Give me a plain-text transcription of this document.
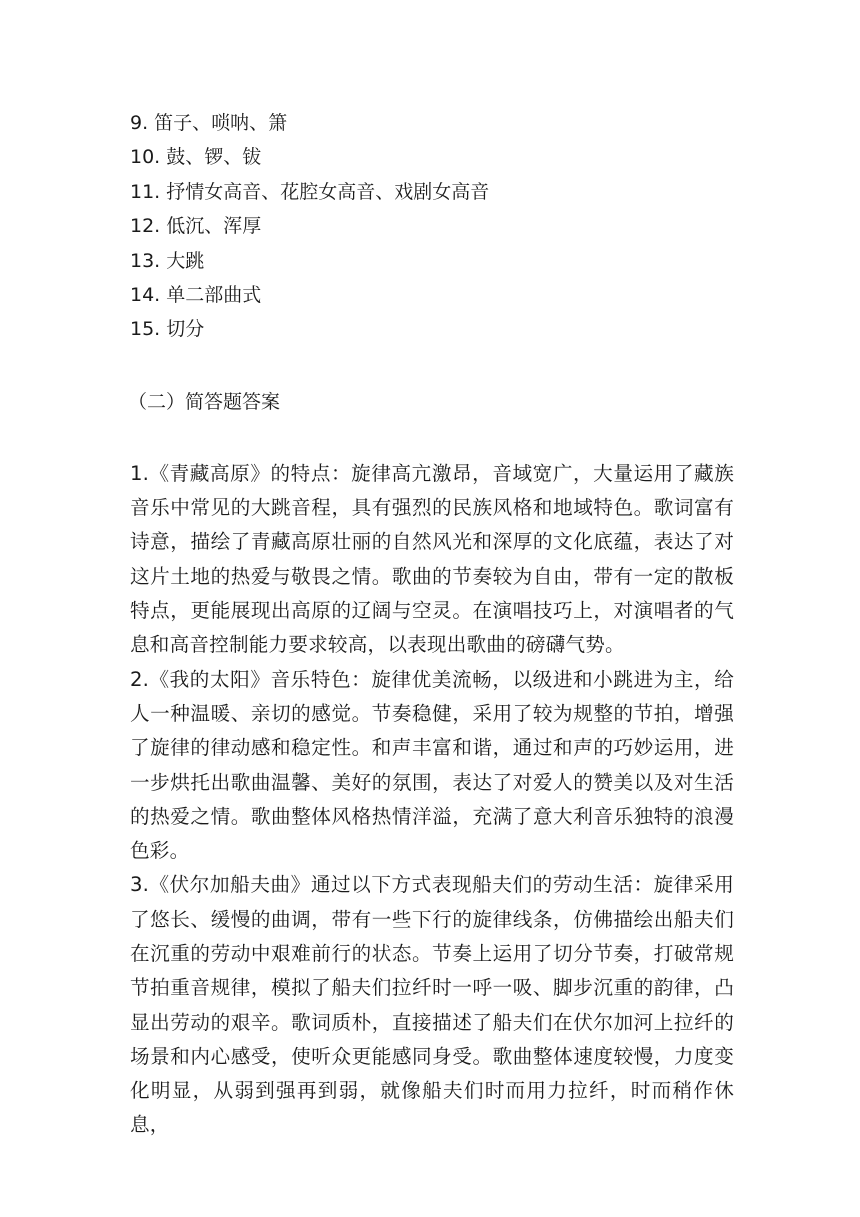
9. 笛子、唢呐、箫
10. 鼓、锣、钹
11. 抒情女高音、花腔女高音、戏剧女高音
12. 低沉、浑厚
13. 大跳
14. 单二部曲式
15. 切分
（二）简答题答案

1.《青藏高原》的特点：旋律高亢激昂，音域宽广，大量运用了藏族音乐中常见的大跳音程，具有强烈的民族风格和地域特色。歌词富有诗意，描绘了青藏高原壮丽的自然风光和深厚的文化底蕴，表达了对这片土地的热爱与敬畏之情。歌曲的节奏较为自由，带有一定的散板特点，更能展现出高原的辽阔与空灵。在演唱技巧上，对演唱者的气息和高音控制能力要求较高，以表现出歌曲的磅礴气势。

2.《我的太阳》音乐特色：旋律优美流畅，以级进和小跳进为主，给人一种温暖、亲切的感觉。节奏稳健，采用了较为规整的节拍，增强了旋律的律动感和稳定性。和声丰富和谐，通过和声的巧妙运用，进一步烘托出歌曲温馨、美好的氛围，表达了对爱人的赞美以及对生活的热爱之情。歌曲整体风格热情洋溢，充满了意大利音乐独特的浪漫色彩。

3.《伏尔加船夫曲》通过以下方式表现船夫们的劳动生活：旋律采用了悠长、缓慢的曲调，带有一些下行的旋律线条，仿佛描绘出船夫们在沉重的劳动中艰难前行的状态。节奏上运用了切分节奏，打破常规节拍重音规律，模拟了船夫们拉纤时一呼一吸、脚步沉重的韵律，凸显出劳动的艰辛。歌词质朴，直接描述了船夫们在伏尔加河上拉纤的场景和内心感受，使听众更能感同身受。歌曲整体速度较慢，力度变化明显，从弱到强再到弱，就像船夫们时而用力拉纤，时而稍作休息，
